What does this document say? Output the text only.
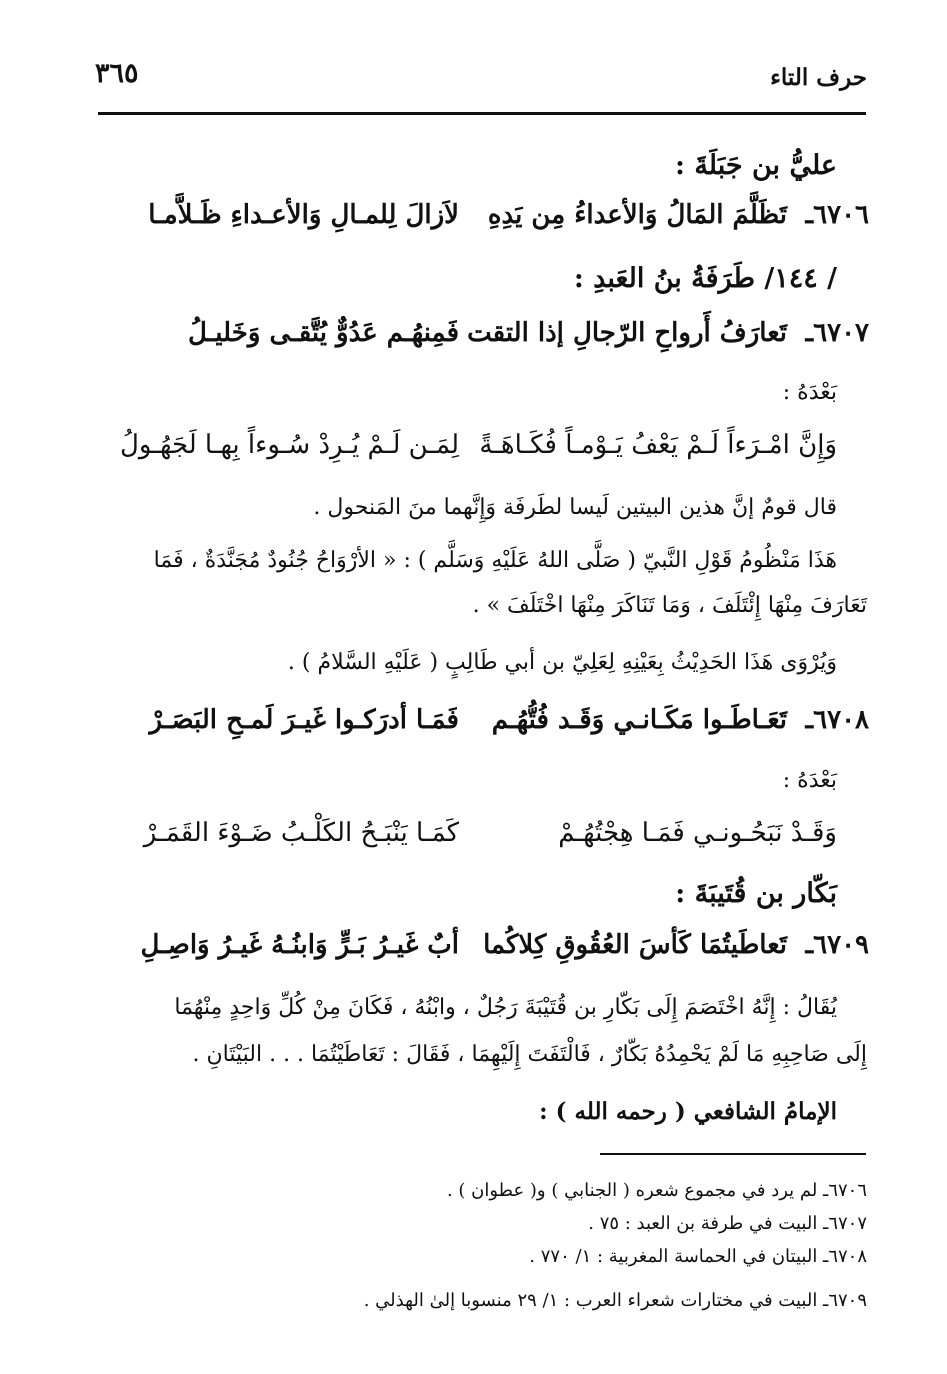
٣٦٥	حرف التاء
عليُّ بن جَبَلَةَ :
٦٧٠٦ـ
تَظَلَّمَ المَالُ وَالأعداءُ مِن يَدِهِ
لاَزالَ لِلمـالِ وَالأعـداءِ ظَـلاَّمـا
/ ١٤٤/ طَرَفَةُ بنُ العَبدِ :
٦٧٠٧ـ
تَعارَفُ أَرواحِ الرّجالِ إذا التقت
فَمِنهُـم عَدُوٌّ يُتَّقـى وَخَليـلُ
بَعْدَهُ :
وَإِنَّ امْـرَءاً لَـمْ يَعْفُ يَـوْمـاً فُكَـاهَـةً
لِمَـن لَـمْ يُـرِدْ سُـوءاً بِهـا لَجَهُـولُ
قال قومٌ إنَّ هذين البيتين لَيسا لطَرفَة وَإِنَّهما منَ المَنحول .
هَذَا مَنْظُومُ قَوْلِ النَّبيّ ( صَلَّى اللهُ عَلَيْهِ وَسَلَّم ) : « الأرْوَاحُ جُنُودٌ مُجَنَّدَةٌ ، فَمَا
تَعَارَفَ مِنْهَا إِئْتَلَفَ ، وَمَا تَنَاكَرَ مِنْهَا اخْتَلَفَ » .
وَيُرْوَى هَذَا الحَدِيْثُ بِعَيْنِهِ لِعَلِيّ بن أبي طَالِبٍ ( عَلَيْهِ السَّلامُ ) .
٦٧٠٨ـ
تَعَـاطَـوا مَكَـانـي وَقَـد فُتُّهُـم
فَمَـا أدرَكـوا غَيـرَ لَمـحِ البَصَـرْ
بَعْدَهُ :
وَقَـدْ نَبَحُـونـي فَمَـا هِجْتُهُـمْ
كَمَـا يَنْبَـحُ الكَلْـبُ ضَـوْءَ القَمَـرْ
بَكّار بن قُتَيبَةَ :
٦٧٠٩ـ
تَعاطَيتُمَا كَأسَ العُقُوقِ كِلاكُما
أبٌ غَيـرُ بَـرٍّ وَابنُـهُ غَيـرُ وَاصِـلِ
يُقَالُ : إِنَّهُ اخْتَصَمَ إِلَى بَكّارِ بن قُتَيْبَةَ رَجُلٌ ، وابْنُهُ ، فَكَانَ مِنْ كُلِّ وَاحِدٍ مِنْهُمَا
إِلَى صَاحِبِهِ مَا لَمْ يَحْمِدُهُ بَكّارٌ ، فَالْتَفَتَ إِلَيْهِمَا ، فَقَالَ : تَعَاطَيْتُمَا . . . البَيْتَانِ .
الإمامُ الشافعي ( رحمه الله ) :
٦٧٠٦ـ لم يرد في مجموع شعره ( الجنابي ) و( عطوان ) .
٦٧٠٧ـ البيت في طرفة بن العبد : ٧٥ .
٦٧٠٨ـ البيتان في الحماسة المغربية : ١/ ٧٧٠ .
٦٧٠٩ـ البيت في مختارات شعراء العرب : ١/ ٢٩ منسوبا إلىٰ الهذلي .
